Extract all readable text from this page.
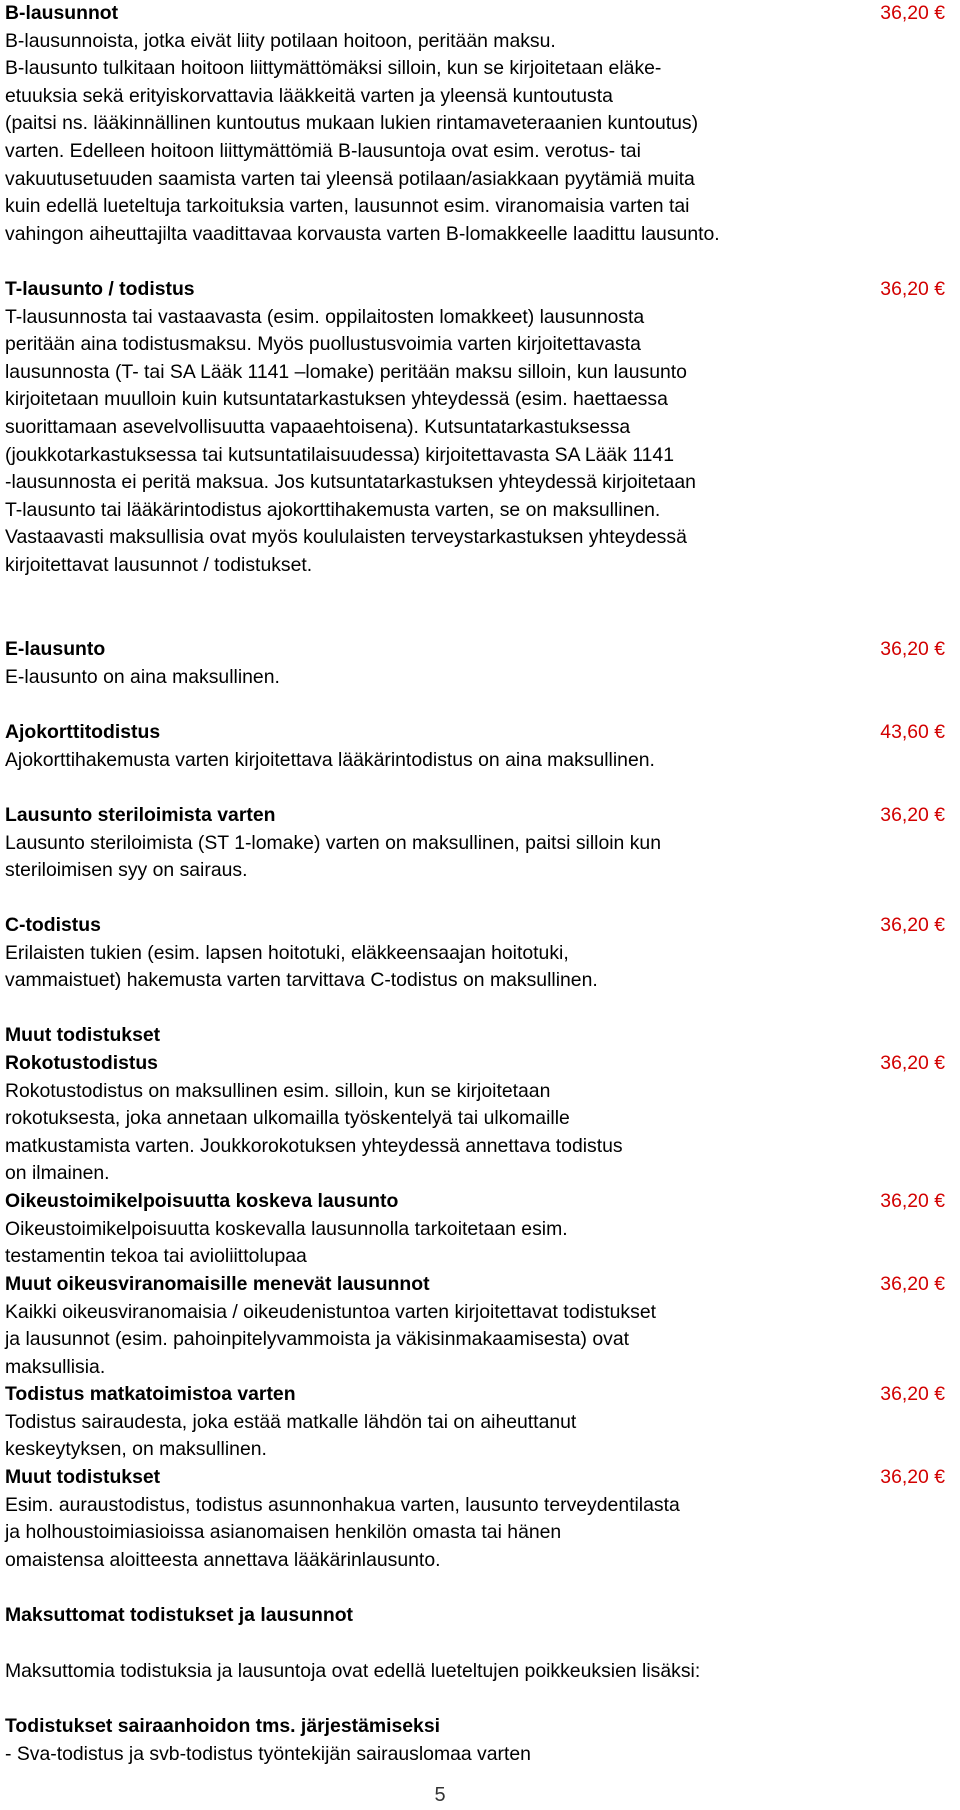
B-lausunnot	36,20 €

B-lausunnoista, jotka eivät liity potilaan hoitoon, peritään maksu.

B-lausunto tulkitaan hoitoon liittymättömäksi silloin, kun se kirjoitetaan eläke-

etuuksia sekä erityiskorvattavia lääkkeitä varten ja yleensä kuntoutusta

(paitsi ns. lääkinnällinen kuntoutus mukaan lukien rintamaveteraanien kuntoutus)

varten. Edelleen hoitoon liittymättömiä B-lausuntoja ovat esim. verotus- tai

vakuutusetuuden saamista varten tai yleensä potilaan/asiakkaan pyytämiä muita

kuin edellä lueteltuja tarkoituksia varten, lausunnot esim. viranomaisia varten tai

vahingon aiheuttajilta vaadittavaa korvausta varten B-lomakkeelle laadittu lausunto.

T-lausunto / todistus	36,20 €

T-lausunnosta tai vastaavasta (esim. oppilaitosten lomakkeet) lausunnosta

peritään aina todistusmaksu. Myös puollustusvoimia varten kirjoitettavasta

lausunnosta (T- tai SA Lääk 1141 –lomake) peritään maksu silloin, kun lausunto

kirjoitetaan muulloin kuin kutsuntatarkastuksen yhteydessä (esim. haettaessa

suorittamaan asevelvollisuutta vapaaehtoisena). Kutsuntatarkastuksessa

(joukkotarkastuksessa tai kutsuntatilaisuudessa) kirjoitettavasta SA Lääk 1141

-lausunnosta ei peritä maksua. Jos kutsuntatarkastuksen yhteydessä kirjoitetaan

T-lausunto tai lääkärintodistus ajokorttihakemusta varten, se on maksullinen.

Vastaavasti maksullisia ovat myös koululaisten terveystarkastuksen yhteydessä

kirjoitettavat lausunnot / todistukset.

E-lausunto	36,20 €

E-lausunto on aina maksullinen.

Ajokorttitodistus	43,60 €

Ajokorttihakemusta varten kirjoitettava lääkärintodistus on aina maksullinen.

Lausunto steriloimista varten	36,20 €

Lausunto steriloimista (ST 1-lomake) varten on maksullinen, paitsi silloin kun

steriloimisen syy on sairaus.

C-todistus	36,20 €

Erilaisten tukien (esim. lapsen hoitotuki, eläkkeensaajan hoitotuki,

vammaistuet) hakemusta varten tarvittava C-todistus on maksullinen.

Muut todistukset

Rokotustodistus	36,20 €

Rokotustodistus on maksullinen esim. silloin, kun se kirjoitetaan

rokotuksesta, joka annetaan ulkomailla työskentelyä tai ulkomaille

matkustamista varten. Joukkorokotuksen yhteydessä annettava todistus

on ilmainen.

Oikeustoimikelpoisuutta koskeva lausunto	36,20 €

Oikeustoimikelpoisuutta koskevalla lausunnolla tarkoitetaan esim.

testamentin tekoa tai avioliittolupaa

Muut oikeusviranomaisille menevät lausunnot	36,20 €

Kaikki oikeusviranomaisia / oikeudenistuntoa varten kirjoitettavat todistukset

ja lausunnot (esim. pahoinpitelyvammoista ja väkisinmakaamisesta) ovat

maksullisia.

Todistus matkatoimistoa varten	36,20 €

Todistus sairaudesta, joka estää matkalle lähdön tai on aiheuttanut

keskeytyksen, on maksullinen.

Muut todistukset	36,20 €

Esim. auraustodistus, todistus asunnonhakua varten, lausunto terveydentilasta

ja holhoustoimiasioissa asianomaisen henkilön omasta tai hänen

omaistensa aloitteesta annettava lääkärinlausunto.

Maksuttomat todistukset ja lausunnot

Maksuttomia todistuksia ja lausuntoja ovat edellä lueteltujen poikkeuksien lisäksi:

Todistukset sairaanhoidon tms. järjestämiseksi

- Sva-todistus ja svb-todistus työntekijän sairauslomaa varten

5
